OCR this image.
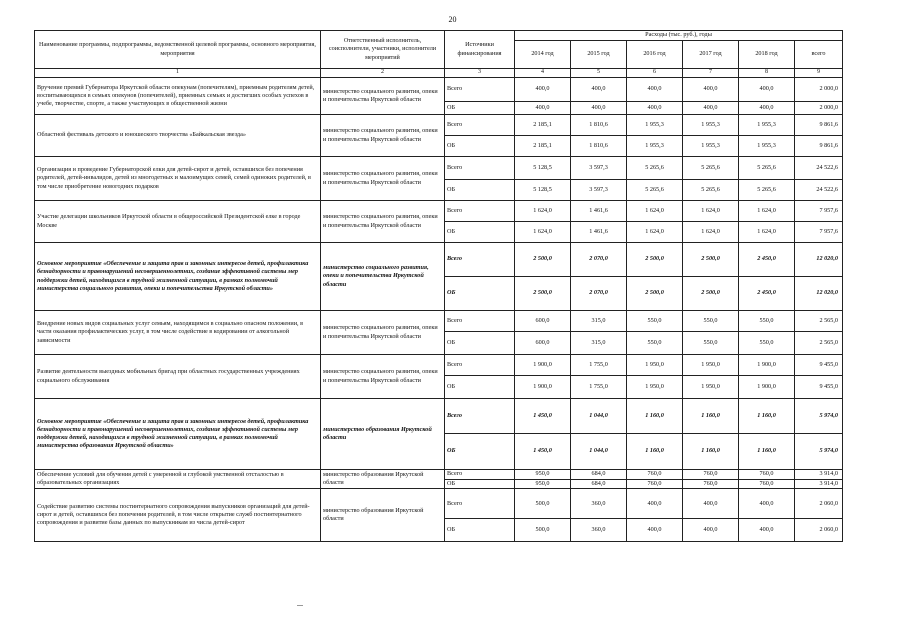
20
Наименование программы, подпрограммы, ведомственной целевой программы, основного мероприятия, мероприятия	Ответственный исполнитель, соисполнители, участники, исполнители мероприятий	Источники финансирования	Расходы (тыс. руб.), годы					
			2014 год	2015 год	2016 год	2017 год	2018 год	всего
1	2	3	4	5	6	7	8	9
Вручение премий Губернатора Иркутской области опекунам (попечителям), приемным родителям детей, воспитывающихся в семьях опекунов (попечителей), приемных семьях и достигших особых успехов в учебе, творчестве, спорте, а также участвующих в общественной жизни	министерство социального развития, опеки и попечительства Иркутской области	Всего	400,0	400,0	400,0	400,0	400,0	2 000,0
		ОБ	400,0	400,0	400,0	400,0	400,0	2 000,0
Областной фестиваль детского и юношеского творчества «Байкальская звезда»	министерство социального развития, опеки и попечительства Иркутской области	Всего	2 185,1	1 810,6	1 955,3	1 955,3	1 955,3	9 861,6
		ОБ	2 185,1	1 810,6	1 955,3	1 955,3	1 955,3	9 861,6
Организация и проведение Губернаторской елки для детей-сирот и детей, оставшихся без попечения родителей, детей-инвалидов, детей из многодетных и малоимущих семей, семей одиноких родителей, в том числе приобретение новогодних подарков	министерство социального развития, опеки и попечительства Иркутской области	Всего	5 128,5	3 597,3	5 265,6	5 265,6	5 265,6	24 522,6
		ОБ	5 128,5	3 597,3	5 265,6	5 265,6	5 265,6	24 522,6
Участие делегации школьников Иркутской области в общероссийской Президентской елке в городе Москве	министерство социального развития, опеки и попечительства Иркутской области	Всего	1 624,0	1 461,6	1 624,0	1 624,0	1 624,0	7 957,6
		ОБ	1 624,0	1 461,6	1 624,0	1 624,0	1 624,0	7 957,6
Основное мероприятие «Обеспечение и защита прав и законных интересов детей, профилактика безнадзорности и правонарушений несовершеннолетних, создание эффективной системы мер поддержки детей, находящихся в трудной жизненной ситуации, в рамках полномочий министерства социального развития, опеки и попечительства Иркутской области»	министерство социального развития, опеки и попечительства Иркутской области	Всего	2 500,0	2 070,0	2 500,0	2 500,0	2 450,0	12 020,0
		ОБ	2 500,0	2 070,0	2 500,0	2 500,0	2 450,0	12 020,0
Внедрение новых видов социальных услуг семьям, находящимся в социально опасном положении, в части оказания профилактических услуг, в том числе содействие в кодировании от алкогольной зависимости	министерство социального развития, опеки и попечительства Иркутской области	Всего	600,0	315,0	550,0	550,0	550,0	2 565,0
		ОБ	600,0	315,0	550,0	550,0	550,0	2 565,0
Развитие деятельности выездных мобильных бригад при областных государственных учреждениях социального обслуживания	министерство социального развития, опеки и попечительства Иркутской области	Всего	1 900,0	1 755,0	1 950,0	1 950,0	1 900,0	9 455,0
		ОБ	1 900,0	1 755,0	1 950,0	1 950,0	1 900,0	9 455,0
Основное мероприятие «Обеспечение и защита прав и законных интересов детей, профилактика безнадзорности и правонарушений несовершеннолетних, создание эффективной системы мер поддержки детей, находящихся в трудной жизненной ситуации, в рамках полномочий министерства образования Иркутской области»	министерство образования Иркутской области	Всего	1 450,0	1 044,0	1 160,0	1 160,0	1 160,0	5 974,0
		ОБ	1 450,0	1 044,0	1 160,0	1 160,0	1 160,0	5 974,0
Обеспечение условий для обучения детей с умеренной и глубокой умственной отсталостью в образовательных организациях	министерство образования Иркутской области	Всего	950,0	684,0	760,0	760,0	760,0	3 914,0
		ОБ	950,0	684,0	760,0	760,0	760,0	3 914,0
Содействие развитию системы постинтернатного сопровождения выпускников организаций для детей-сирот и детей, оставшихся без попечения родителей, в том числе открытие служб постинтернатного сопровождения и развитие базы данных по выпускникам из числа детей-сирот	министерство образования Иркутской области	Всего	500,0	360,0	400,0	400,0	400,0	2 060,0
		ОБ	500,0	360,0	400,0	400,0	400,0	2 060,0
